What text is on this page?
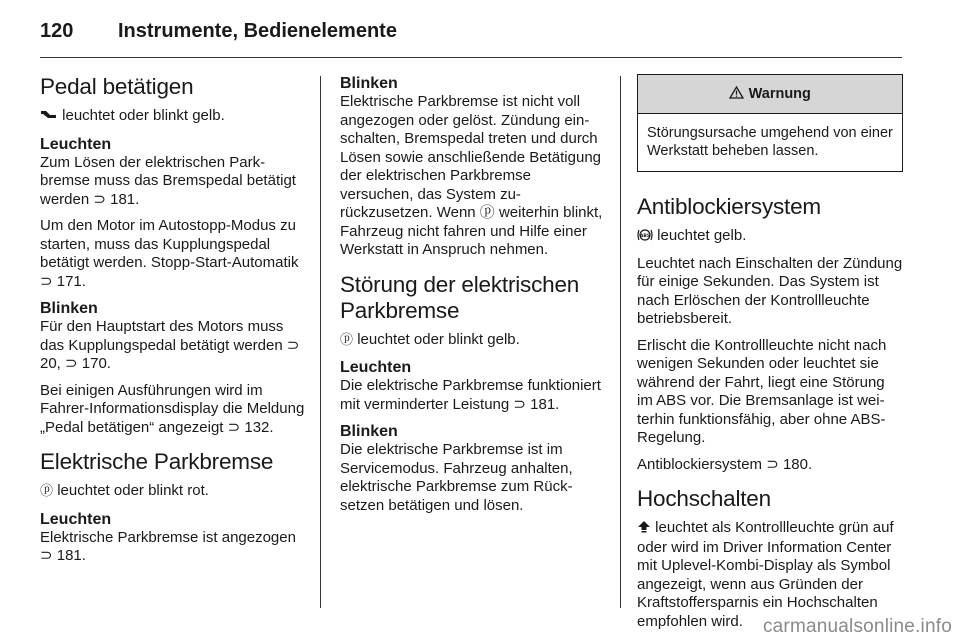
120 Instrumente, Bedienelemente
Pedal betätigen

leuchtet oder blinkt gelb.

Leuchten

Zum Lösen der elektrischen Parkbremse muss das Bremspedal betätigt werden ⊃ 181.

Um den Motor im Autostopp-Modus zu starten, muss das Kupplungspedal betätigt werden. Stopp-Start-Automatik ⊃ 171.

Blinken

Für den Hauptstart des Motors muss das Kupplungspedal betätigt werden ⊃ 20, ⊃ 170.

Bei einigen Ausführungen wird im Fahrer-Informationsdisplay die Meldung „Pedal betätigen“ angezeigt ⊃ 132.

Elektrische Parkbremse

ⓟ leuchtet oder blinkt rot.

Leuchten

Elektrische Parkbremse ist angezogen ⊃ 181.

Blinken

Elektrische Parkbremse ist nicht voll angezogen oder gelöst. Zündung einschalten, Bremspedal treten und durch Lösen sowie anschließende Betätigung der elektrischen Parkbremse versuchen, das System zurückzusetzen. Wenn ⓟ weiterhin blinkt, Fahrzeug nicht fahren und Hilfe einer Werkstatt in Anspruch nehmen.

Störung der elektrischen Parkbremse

ⓟ leuchtet oder blinkt gelb.

Leuchten

Die elektrische Parkbremse funktioniert mit verminderter Leistung ⊃ 181.

Blinken

Die elektrische Parkbremse ist im Servicemodus. Fahrzeug anhalten, elektrische Parkbremse zum Rücksetzen betätigen und lösen.

Warnung
Störungsursache umgehend von einer Werkstatt beheben lassen.
Antiblockiersystem

ABS leuchtet gelb.

Leuchtet nach Einschalten der Zündung für einige Sekunden. Das System ist nach Erlöschen der Kontrollleuchte betriebsbereit.

Erlischt die Kontrollleuchte nicht nach wenigen Sekunden oder leuchtet sie während der Fahrt, liegt eine Störung im ABS vor. Die Bremsanlage ist weiterhin funktionsfähig, aber ohne ABS-Regelung.

Antiblockiersystem ⊃ 180.

Hochschalten

leuchtet als Kontrollleuchte grün auf oder wird im Driver Information Center mit Uplevel-Kombi-Display als Symbol angezeigt, wenn aus Gründen der Kraftstoffersparnis ein Hochschalten empfohlen wird.	carmanualsonline.info
